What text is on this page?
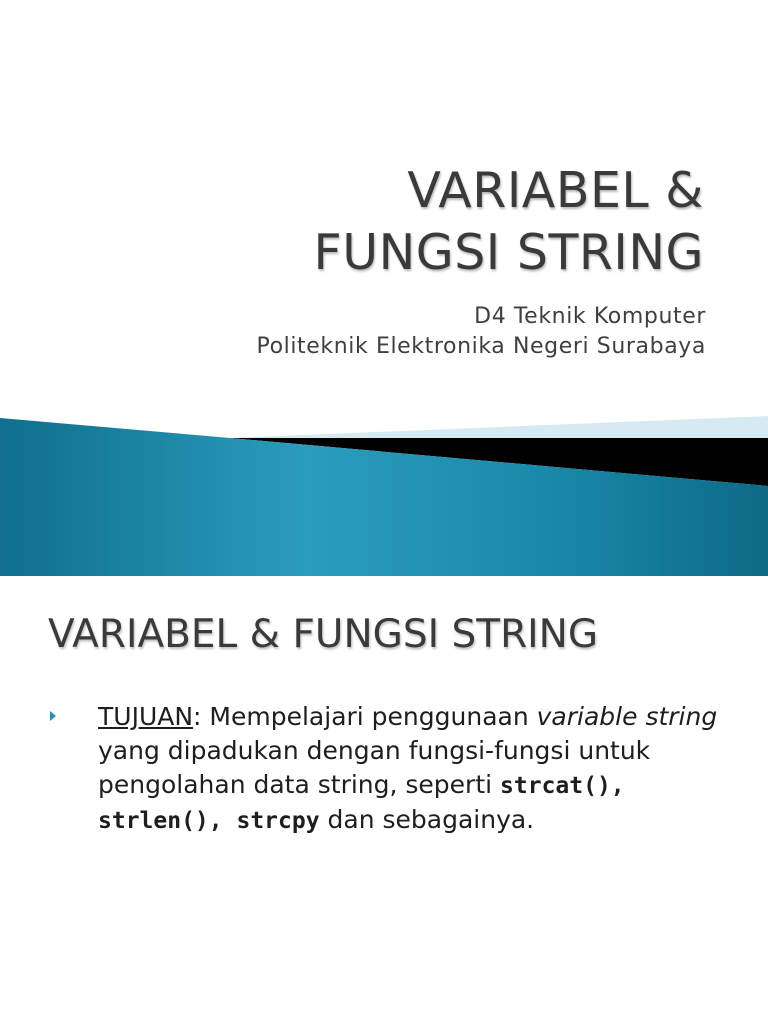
VARIABEL &
FUNGSI STRING
D4 Teknik Komputer
Politeknik Elektronika Negeri Surabaya
VARIABEL & FUNGSI STRING
TUJUAN: Mempelajari penggunaan variable string yang dipadukan dengan fungsi-fungsi untuk pengolahan data string, seperti strcat(), strlen(), strcpy dan sebagainya.
